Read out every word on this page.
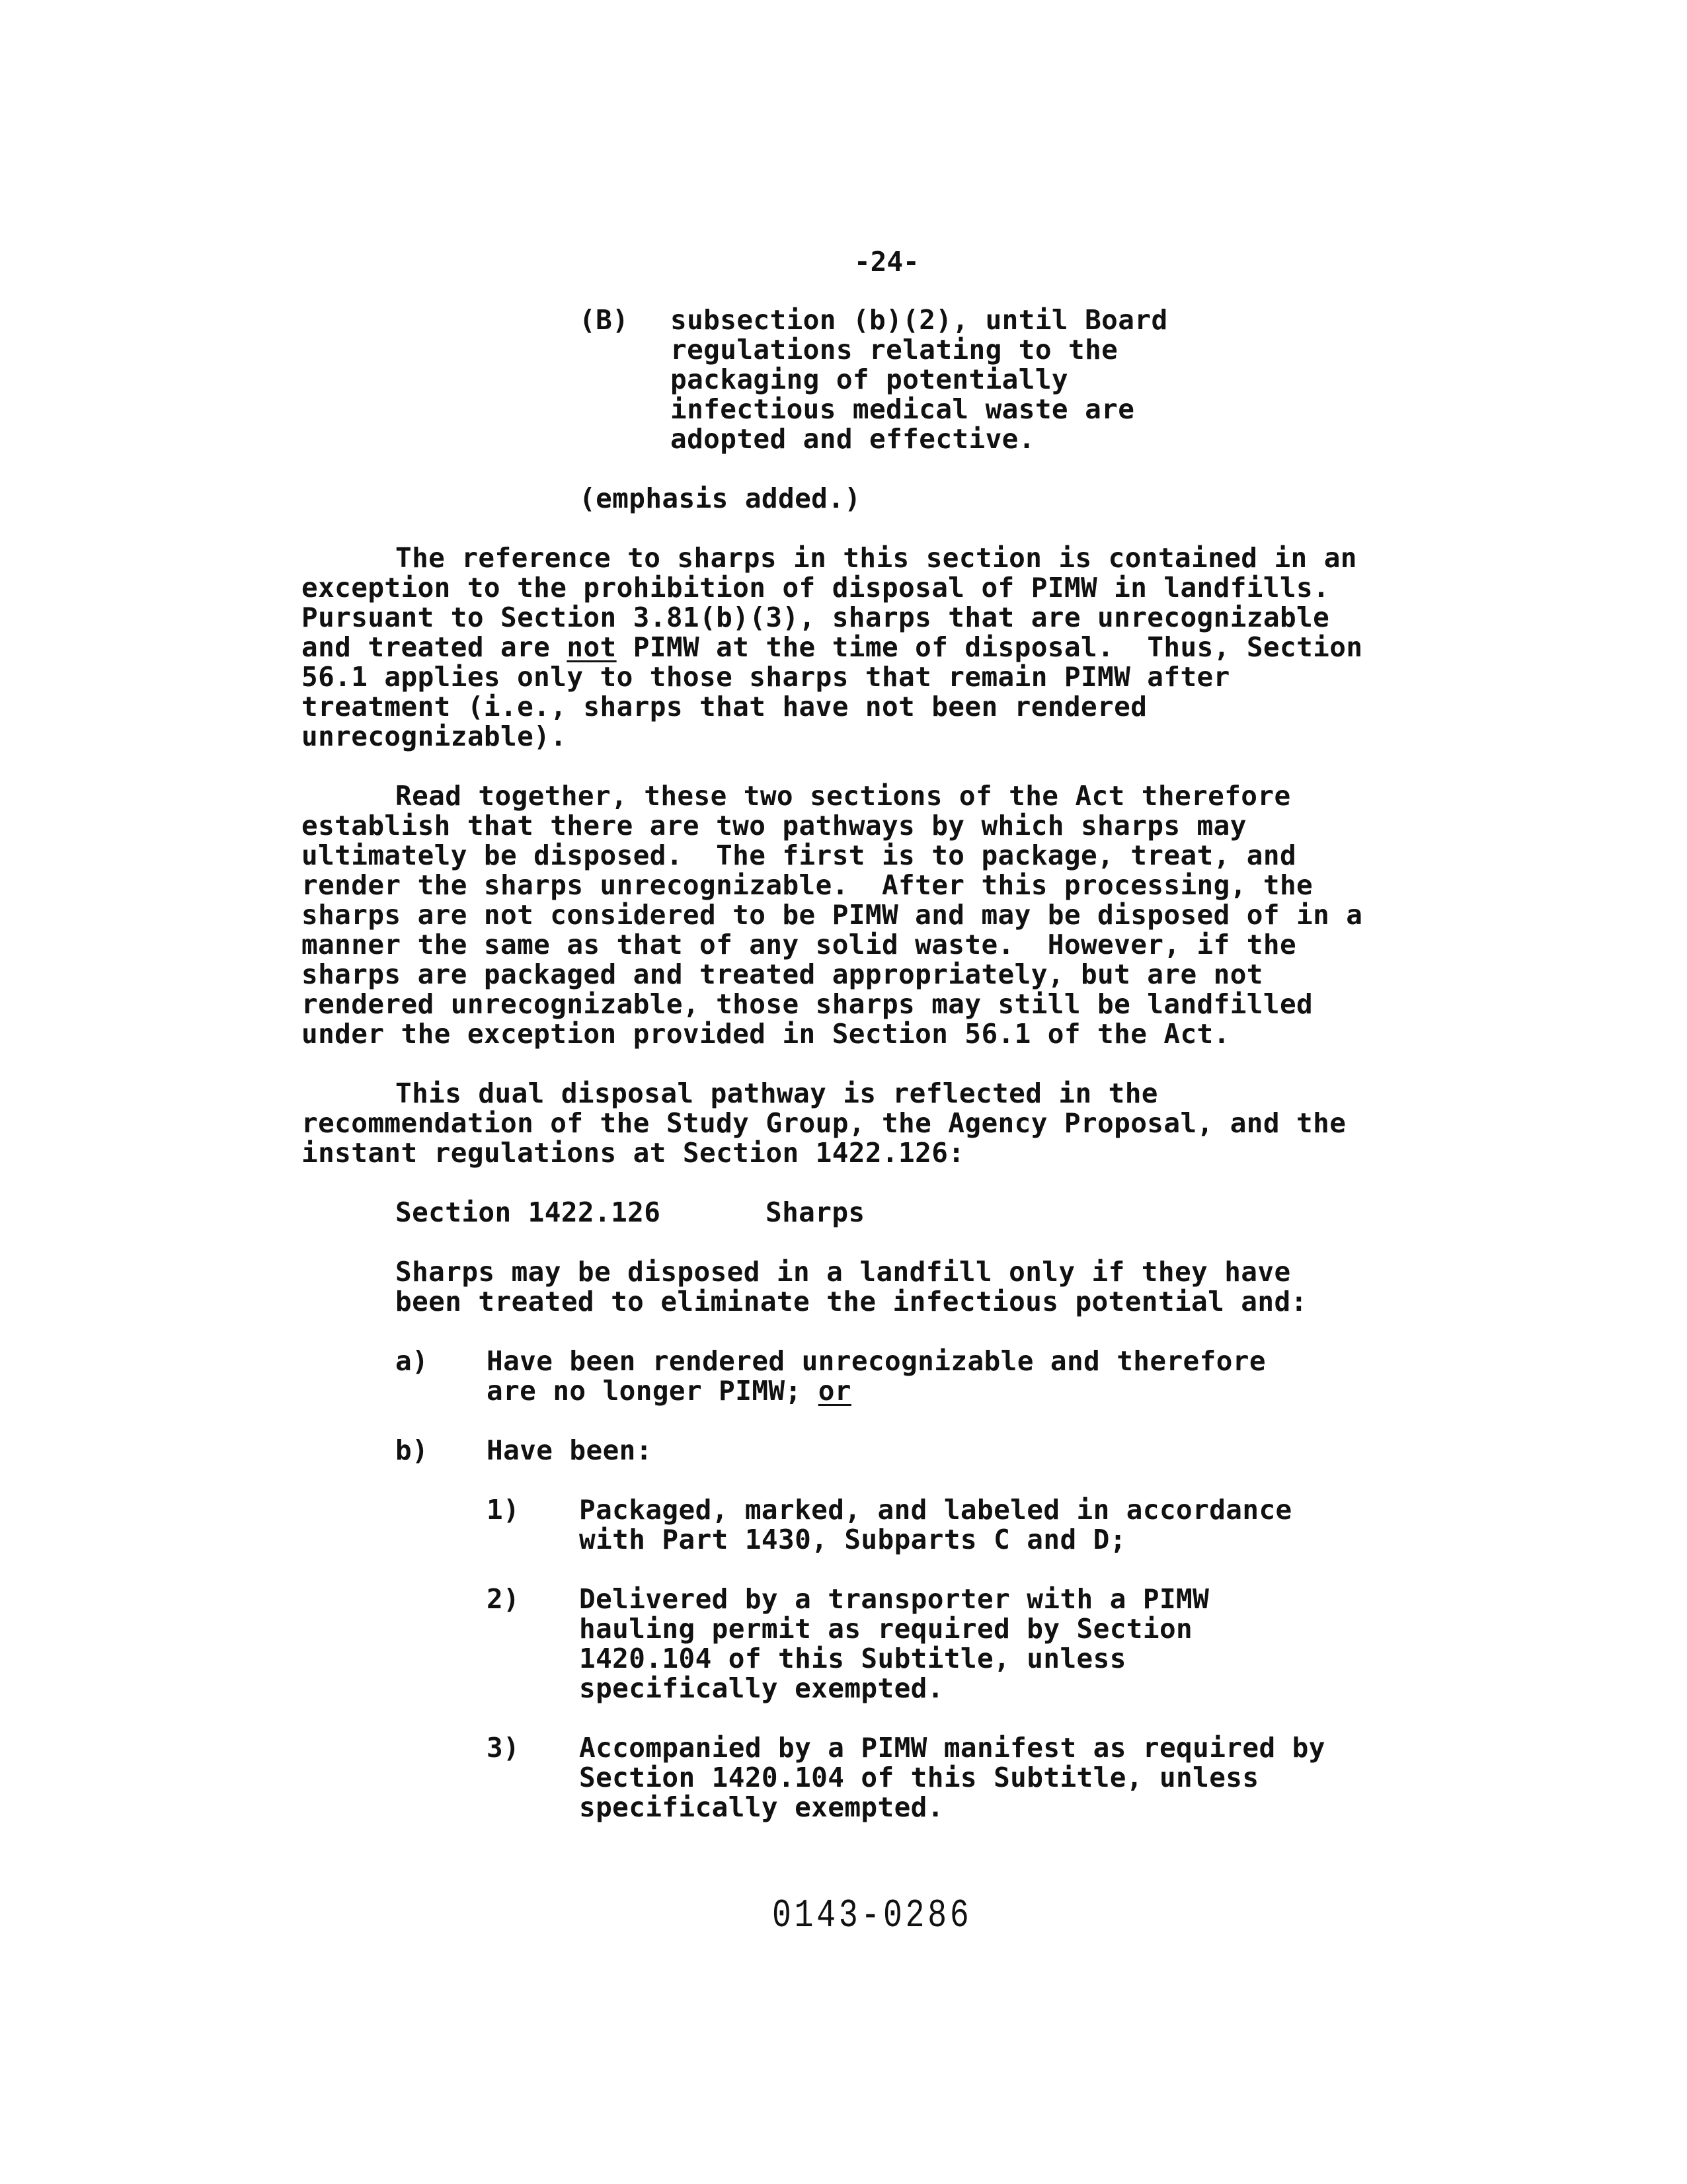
-24-
(B) subsection (b)(2), until Board
regulations relating to the
packaging of potentially
infectious medical waste are
adopted and effective.
(emphasis added.)
The reference to sharps in this section is contained in an
exception to the prohibition of disposal of PIMW in landfills.
Pursuant to Section 3.81(b)(3), sharps that are unrecognizable
and treated are not PIMW at the time of disposal.  Thus, Section
56.1 applies only to those sharps that remain PIMW after
treatment (i.e., sharps that have not been rendered
unrecognizable).
Read together, these two sections of the Act therefore
establish that there are two pathways by which sharps may
ultimately be disposed.  The first is to package, treat, and
render the sharps unrecognizable.  After this processing, the
sharps are not considered to be PIMW and may be disposed of in a
manner the same as that of any solid waste.  However, if the
sharps are packaged and treated appropriately, but are not
rendered unrecognizable, those sharps may still be landfilled
under the exception provided in Section 56.1 of the Act.
This dual disposal pathway is reflected in the
recommendation of the Study Group, the Agency Proposal, and the
instant regulations at Section 1422.126:
Section 1422.126	Sharps
Sharps may be disposed in a landfill only if they have
been treated to eliminate the infectious potential and:
a) Have been rendered unrecognizable and therefore
are no longer PIMW; or
b) Have been:
1) Packaged, marked, and labeled in accordance
with Part 1430, Subparts C and D;
2) Delivered by a transporter with a PIMW
hauling permit as required by Section
1420.104 of this Subtitle, unless
specifically exempted.
3) Accompanied by a PIMW manifest as required by
Section 1420.104 of this Subtitle, unless
specifically exempted.
0143-0286
